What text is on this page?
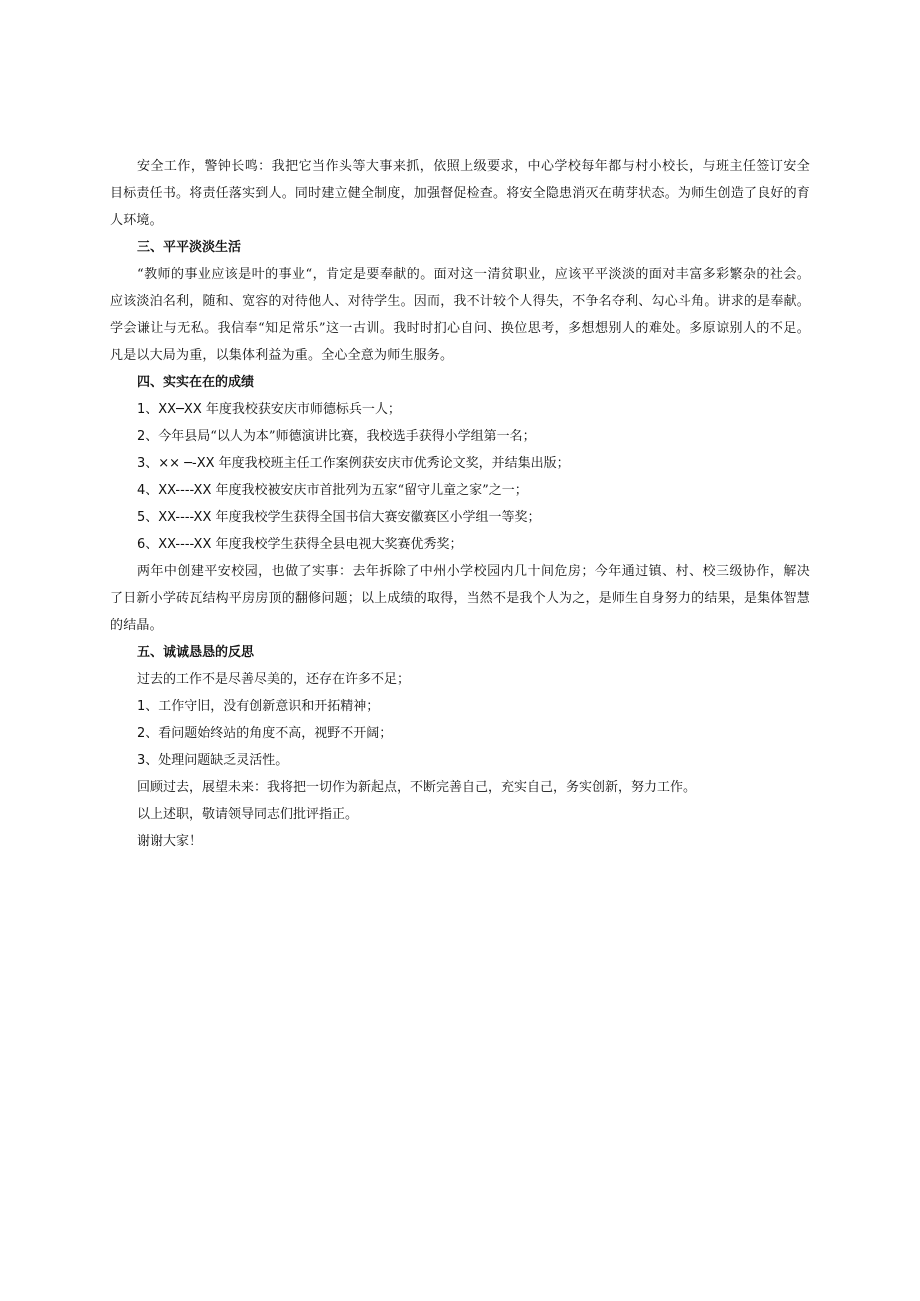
安全工作，警钟长鸣：我把它当作头等大事来抓，依照上级要求，中心学校每年都与村小校长，与班主任签订安全目标责任书。将责任落实到人。同时建立健全制度，加强督促检查。将安全隐患消灭在萌芽状态。为师生创造了良好的育人环境。

三、平平淡淡生活

“教师的事业应该是叶的事业“，肯定是要奉献的。面对这一清贫职业，应该平平淡淡的面对丰富多彩繁杂的社会。应该淡泊名利，随和、宽容的对待他人、对待学生。因而，我不计较个人得失，不争名夺利、勾心斗角。讲求的是奉献。学会谦让与无私。我信奉“知足常乐”这一古训。我时时扪心自问、换位思考，多想想别人的难处。多原谅别人的不足。凡是以大局为重，以集体利益为重。全心全意为师生服务。

四、实实在在的成绩

1、XX─XX 年度我校获安庆市师德标兵一人；

2、今年县局“以人为本”师德演讲比赛，我校选手获得小学组第一名；

3、×× ─-XX 年度我校班主任工作案例获安庆市优秀论文奖，并结集出版；

4、XX----XX 年度我校被安庆市首批列为五家“留守儿童之家”之一；

5、XX----XX 年度我校学生获得全国书信大赛安徽赛区小学组一等奖；

6、XX----XX 年度我校学生获得全县电视大奖赛优秀奖；

两年中创建平安校园，也做了实事：去年拆除了中州小学校园内几十间危房；今年通过镇、村、校三级协作，解决了日新小学砖瓦结构平房房顶的翻修问题；以上成绩的取得，当然不是我个人为之，是师生自身努力的结果，是集体智慧的结晶。

五、诚诚恳恳的反思

过去的工作不是尽善尽美的，还存在许多不足；

1、工作守旧，没有创新意识和开拓精神；

2、看问题始终站的角度不高，视野不开阔；

3、处理问题缺乏灵活性。

回顾过去，展望未来：我将把一切作为新起点，不断完善自己，充实自己，务实创新，努力工作。

以上述职，敬请领导同志们批评指正。

谢谢大家！
